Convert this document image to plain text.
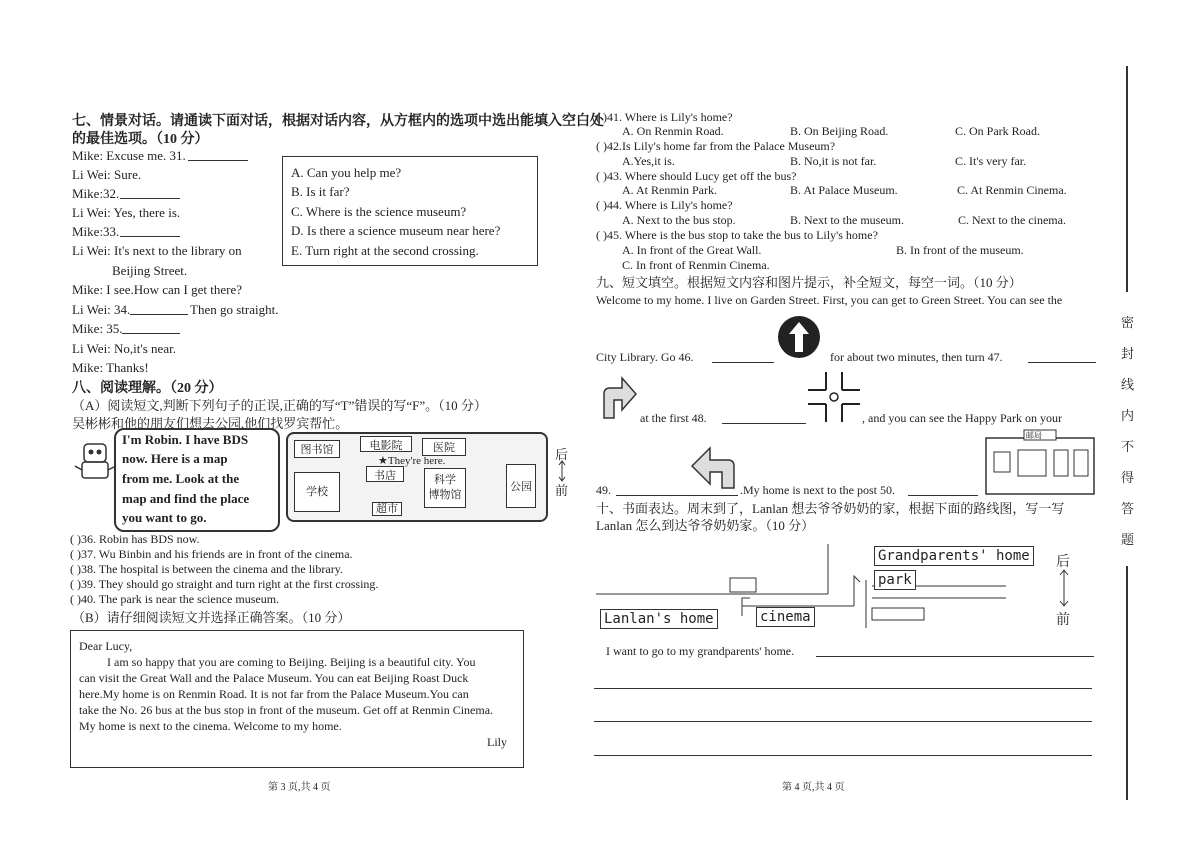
七、情景对话。请通读下面对话，根据对话内容，从方框内的选项中选出能填入空白处
的最佳选项。（10 分）
Mike: Excuse me. 31.
Li Wei: Sure.
Mike:32.
Li Wei: Yes, there is.
Mike:33.
Li Wei: It's next to the library on
Beijing Street.
Mike: I see.How can I get there?
Li Wei: 34.	Then go straight.
Mike: 35.
Li Wei: No,it's near.
Mike: Thanks!
A. Can you help me?
B. Is it far?
C. Where is the science museum?
D. Is there a science museum near here?
E. Turn right at the second crossing.
八、阅读理解。（20 分）
（A）阅读短文,判断下列句子的正误,正确的写“T”错误的写“F”。（10 分）
吴彬彬和他的朋友们想去公园,他们找罗宾帮忙。
I'm Robin. I have BDS
now. Here is a map
from me. Look at the
map and find the place
you want to go.
图书馆	电影院	医院
学校
书店	科学
博物馆
公园
超市
★They're here.	后
前
( )36. Robin has BDS now.
( )37. Wu Binbin and his friends are in front of the cinema.
( )38. The hospital is between the cinema and the library.
( )39. They should go straight and turn right at the first crossing.
( )40. The park is near the science museum.
（B）请仔细阅读短文并选择正确答案。（10 分）
Dear Lucy,
I am so happy that you are coming to Beijing. Beijing is a beautiful city. You
can visit the Great Wall and the Palace Museum. You can eat Beijing Roast Duck
here.My home is on Renmin Road. It is not far from the Palace Museum.You can
take the No. 26 bus at the bus stop in front of the museum. Get off at Renmin Cinema.
My home is next to the cinema. Welcome to my home.
Lily
第 3 页,共 4 页
( )41. Where is Lily's home?
A. On Renmin Road.	B. On Beijing Road.	C. On Park Road.
( )42.Is Lily's home far from the Palace Museum?
A.Yes,it is.	B. No,it is not far.	C. It's very far.
( )43. Where should Lucy get off the bus?
A. At Renmin Park.	B. At Palace Museum.	C. At Renmin Cinema.
( )44. Where is Lily's home?
A. Next to the bus stop.	B. Next to the museum.	C. Next to the cinema.
( )45. Where is the bus stop to take the bus to Lily's home?
A. In front of the Great Wall.	B. In front of the museum.
C. In front of Renmin Cinema.
九、短文填空。根据短文内容和图片提示，补全短文，每空一词。（10 分）
Welcome to my home. I live on Garden Street. First, you can get to Green Street. You can see the
City Library. Go 46.	for about two minutes, then turn 47.
at the first 48.	, and you can see the Happy Park on your
邮局
49.	.My home is next to the post 50.
十、书面表达。周末到了，Lanlan 想去爷爷奶奶的家，根据下面的路线图，写一写
Lanlan 怎么到达爷爷奶奶家。（10 分）
Grandparents' home
park
Lanlan's home	cinema
后
前
I want to go to my grandparents' home.
第 4 页,共 4 页
密
封
线
内
不
得
答
题
